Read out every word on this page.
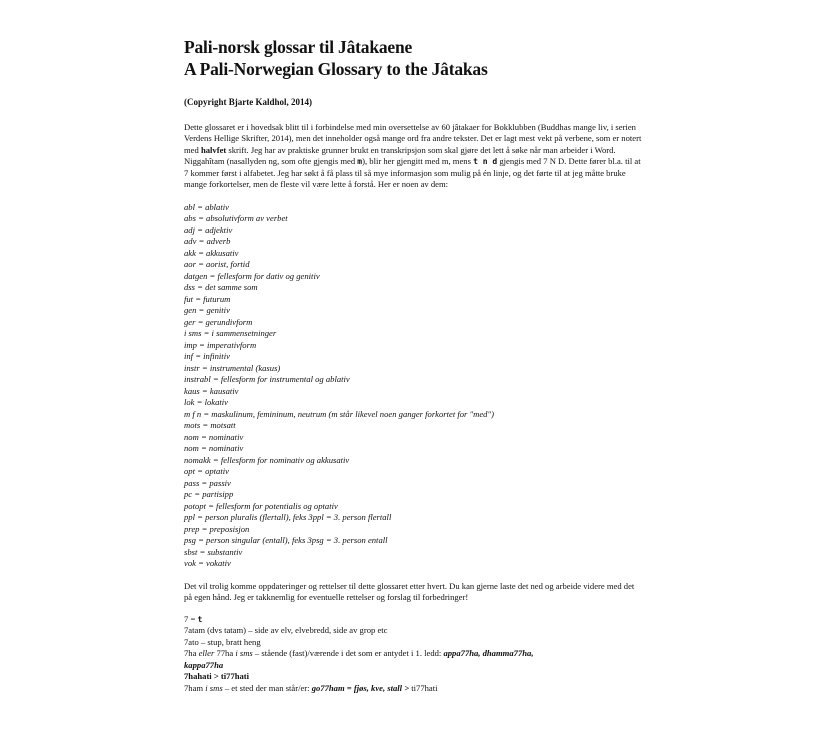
Pali-norsk glossar til Jâtakaene
A Pali-Norwegian Glossary to the Jâtakas
(Copyright Bjarte Kaldhol, 2014)

Dette glossaret er i hovedsak blitt til i forbindelse med min oversettelse av 60 jâtakaer for Bokklubben (Buddhas mange liv, i serien Verdens Hellige Skrifter, 2014), men det inneholder også mange ord fra andre tekster. Det er lagt mest vekt på verbene, som er notert med halvfet skrift. Jeg har av praktiske grunner brukt en transkripsjon som skal gjøre det lett å søke når man arbeider i Word. Niggahîtam (nasallyden ng, som ofte gjengis med m), blir her gjengitt med m, mens t n d gjengis med 7 N D. Dette fører bl.a. til at 7 kommer først i alfabetet. Jeg har søkt å få plass til så mye informasjon som mulig på én linje, og det førte til at jeg måtte bruke mange forkortelser, men de fleste vil være lette å forstå. Her er noen av dem:

abl = ablativ
abs = absolutivform av verbet
adj = adjektiv
adv = adverb
akk = akkusativ
aor = aorist, fortid
datgen = fellesform for dativ og genitiv
dss = det samme som
fut = futurum
gen = genitiv
ger = gerundivform
i sms = i sammensetninger
imp = imperativform
inf = infinitiv
instr = instrumental (kasus)
instrabl = fellesform for instrumental og ablativ
kaus = kausativ
lok = lokativ
m f n = maskulinum, femininum, neutrum (m står likevel noen ganger forkortet for "med")
mots = motsatt
nom = nominativ
nom = nominativ
nomakk = fellesform for nominativ og akkusativ
opt = optativ
pass = passiv
pc = partisipp
potopt = fellesform for potentialis og optativ
ppl = person pluralis (flertall), feks 3ppl = 3. person flertall
prep = preposisjon
psg = person singular (entall), feks 3psg = 3. person entall
sbst = substantiv
vok = vokativ
Det vil trolig komme oppdateringer og rettelser til dette glossaret etter hvert. Du kan gjerne laste det ned og arbeide videre med det på egen hånd. Jeg er takknemlig for eventuelle rettelser og forslag til forbedringer!
7 = t
7atam (dvs tatam) – side av elv, elvebredd, side av grop etc
7ato – stup, bratt heng
7ha eller 77ha i sms – stående (fast)/værende i det som er antydet i 1. ledd: appa77ha, dhamma77ha,
kappa77ha
7hahati > ti77hati
7ham i sms – et sted der man står/er: go77ham = fjøs, kve, stall > ti77hati
